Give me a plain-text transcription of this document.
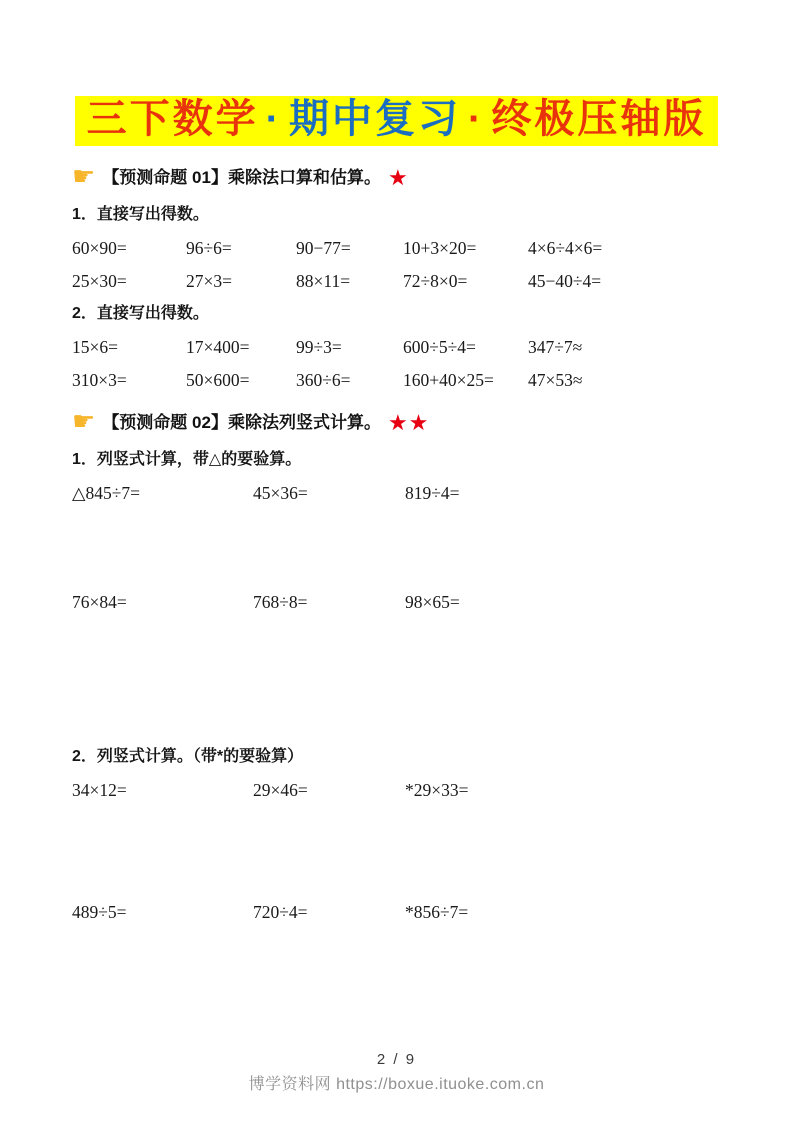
三下数学 · 期中复习 · 终极压轴版
☛ 【预测命题 01】乘除法口算和估算。 ★
1．直接写出得数。
60×90=	96÷6=	90−77=	10+3×20=	4×6÷4×6=
25×30=	27×3=	88×11=	72÷8×0=	45−40÷4=
2．直接写出得数。
15×6=	17×400=	99÷3=	600÷5÷4=	347÷7≈
310×3=	50×600=	360÷6=	160+40×25=	47×53≈
☛ 【预测命题 02】乘除法列竖式计算。 ★★
1．列竖式计算，带△的要验算。
△845÷7=	45×36=	819÷4=
76×84=	768÷8=	98×65=
2．列竖式计算。（带*的要验算）
34×12=	29×46=	*29×33=
489÷5=	720÷4=	*856÷7=
2 / 9
博学资料网 https://boxue.ituoke.com.cn
